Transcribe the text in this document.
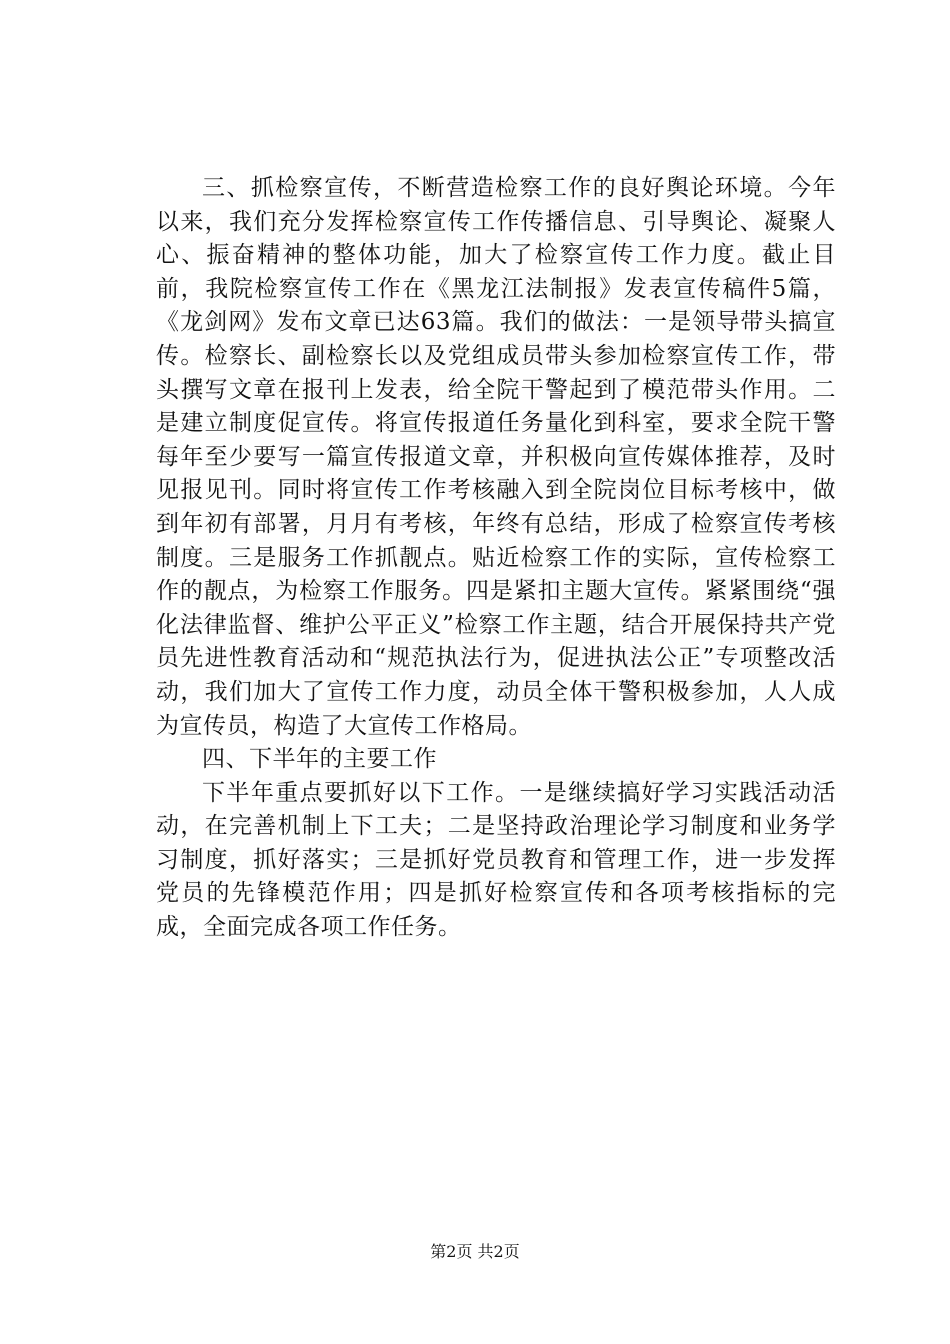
三、抓检察宣传，不断营造检察工作的良好舆论环境。今年以来，我们充分发挥检察宣传工作传播信息、引导舆论、凝聚人心、振奋精神的整体功能，加大了检察宣传工作力度。截止目前，我院检察宣传工作在《黑龙江法制报》发表宣传稿件5篇，《龙剑网》发布文章已达63篇。我们的做法：一是领导带头搞宣传。检察长、副检察长以及党组成员带头参加检察宣传工作，带头撰写文章在报刊上发表，给全院干警起到了模范带头作用。二是建立制度促宣传。将宣传报道任务量化到科室，要求全院干警每年至少要写一篇宣传报道文章，并积极向宣传媒体推荐，及时见报见刊。同时将宣传工作考核融入到全院岗位目标考核中，做到年初有部署，月月有考核，年终有总结，形成了检察宣传考核制度。三是服务工作抓靓点。贴近检察工作的实际，宣传检察工作的靓点，为检察工作服务。四是紧扣主题大宣传。紧紧围绕“强化法律监督、维护公平正义”检察工作主题，结合开展保持共产党员先进性教育活动和“规范执法行为，促进执法公正”专项整改活动，我们加大了宣传工作力度，动员全体干警积极参加，人人成为宣传员，构造了大宣传工作格局。

四、下半年的主要工作

下半年重点要抓好以下工作。一是继续搞好学习实践活动活动，在完善机制上下工夫；二是坚持政治理论学习制度和业务学习制度，抓好落实；三是抓好党员教育和管理工作，进一步发挥党员的先锋模范作用；四是抓好检察宣传和各项考核指标的完成，全面完成各项工作任务。

第2页 共2页
